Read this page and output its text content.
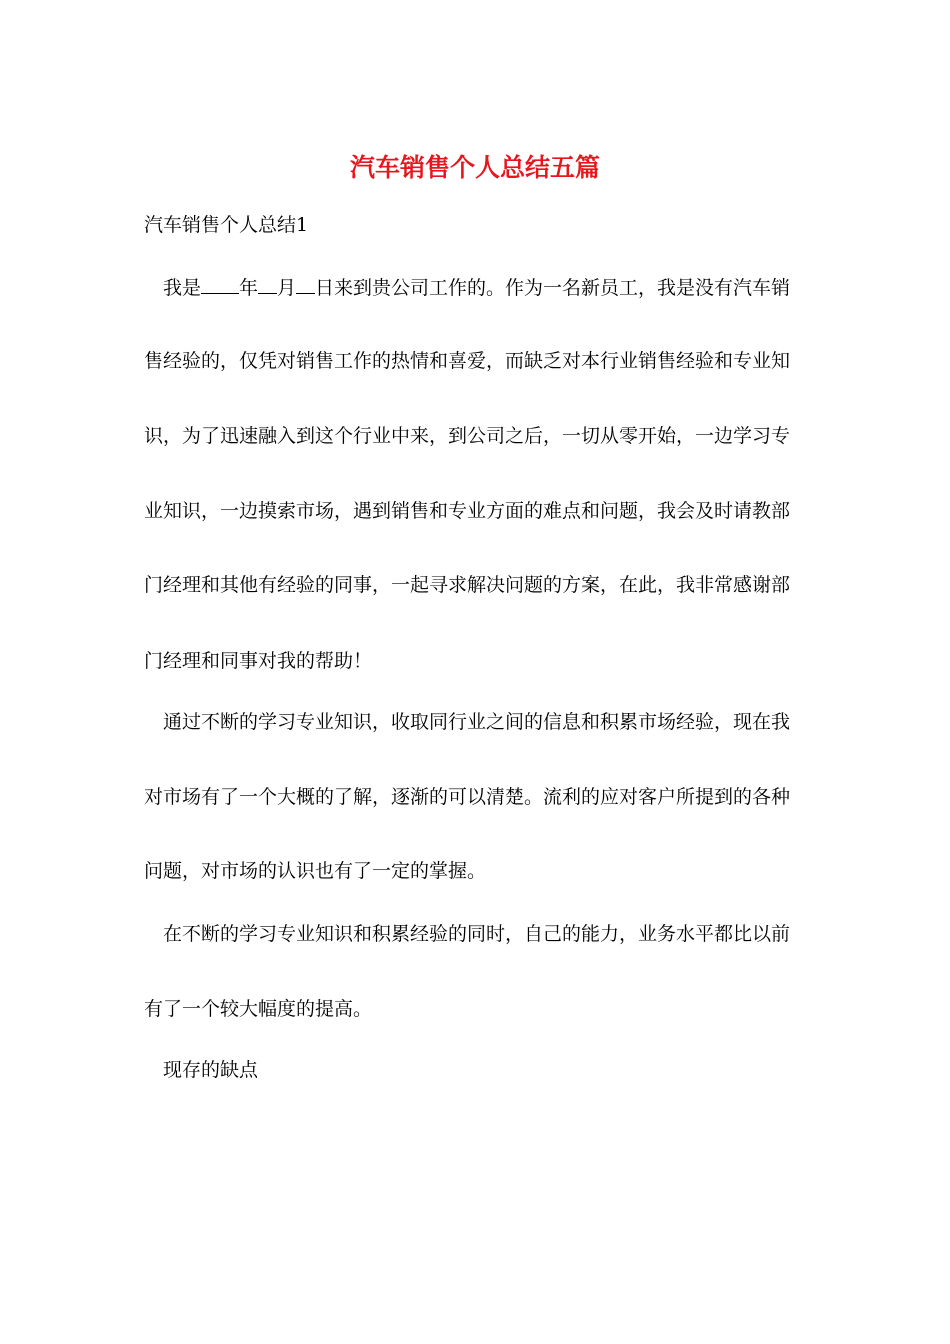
汽车销售个人总结五篇

汽车销售个人总结1

我是 年 月 日来到贵公司工作的。作为一名新员工，我是没有汽车销

售经验的，仅凭对销售工作的热情和喜爱，而缺乏对本行业销售经验和专业知

识，为了迅速融入到这个行业中来，到公司之后，一切从零开始，一边学习专

业知识，一边摸索市场，遇到销售和专业方面的难点和问题，我会及时请教部

门经理和其他有经验的同事，一起寻求解决问题的方案，在此，我非常感谢部

门经理和同事对我的帮助！

通过不断的学习专业知识，收取同行业之间的信息和积累市场经验，现在我

对市场有了一个大概的了解，逐渐的可以清楚。流利的应对客户所提到的各种

问题，对市场的认识也有了一定的掌握。

在不断的学习专业知识和积累经验的同时，自己的能力，业务水平都比以前

有了一个较大幅度的提高。

现存的缺点
